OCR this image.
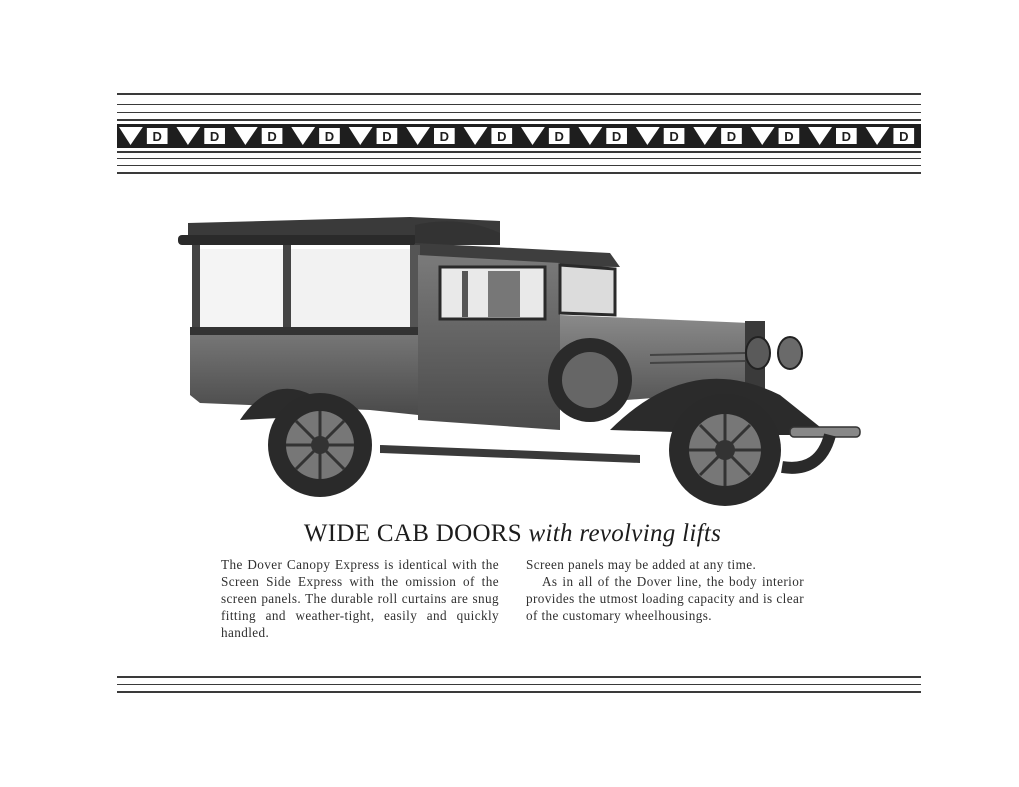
D	D	D	D	D	D	D	D	D	D	D	D	D	D
WIDE CAB DOORS with revolving lifts

The Dover Canopy Express is identical with the Screen Side Express with the omission of the screen panels. The durable roll curtains are snug fitting and weather-tight, easily and quickly handled.

Screen panels may be added at any time.

As in all of the Dover line, the body interior provides the utmost loading capacity and is clear of the customary wheelhousings.
